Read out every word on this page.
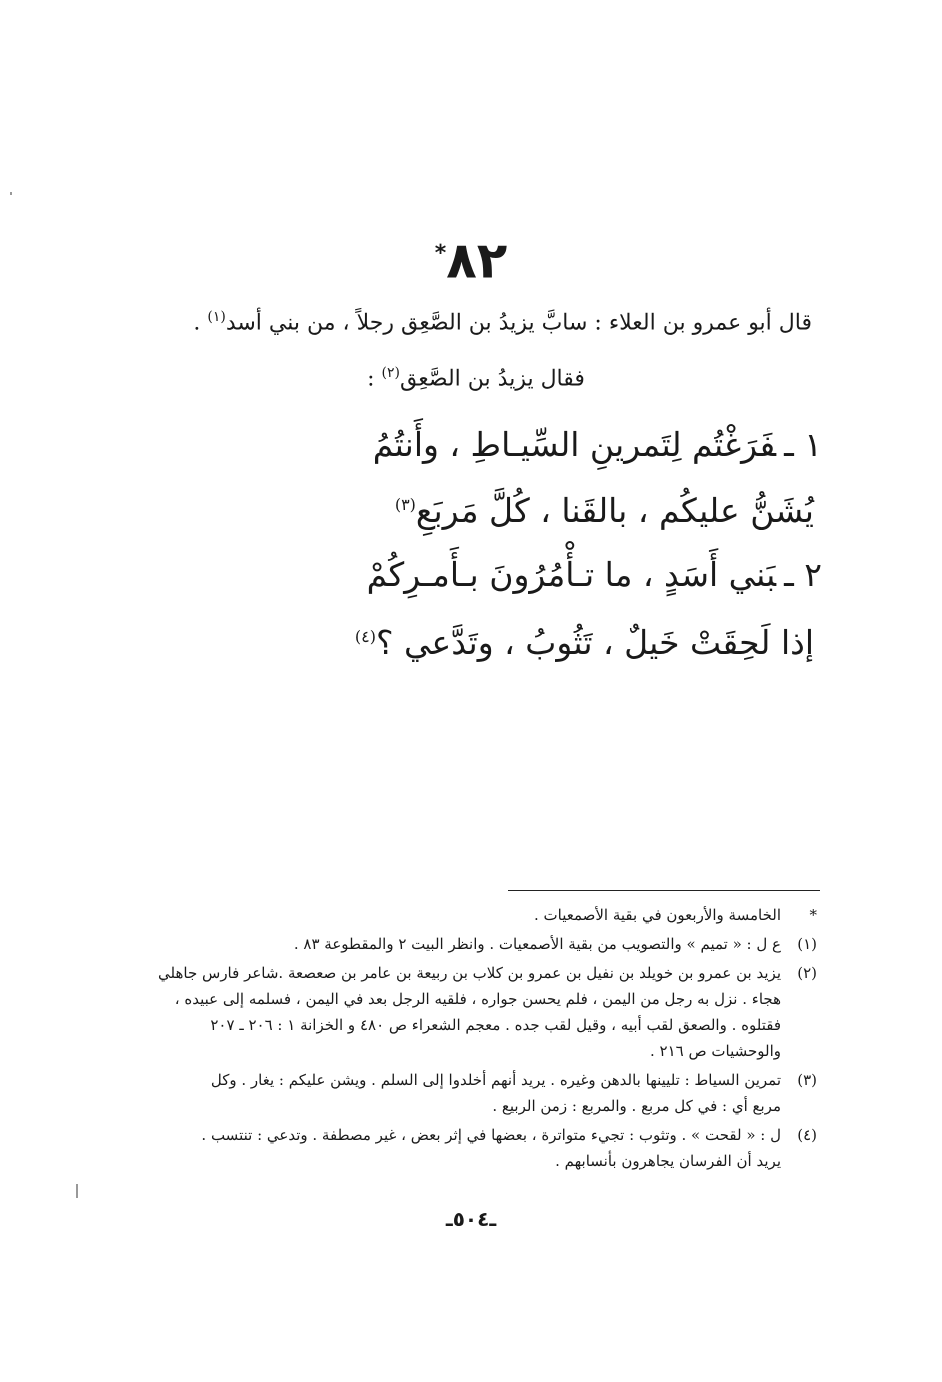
٨٢*
قال أبو عمرو بن العلاء : سابَّ يزيدُ بن الصَّعِق رجلاً ، من بني أسد$^{(١)}$ .
فقال يزيدُ بن الصَّعِق$^{(٢)}$ :
١ ـفَرَغْتُم لِتَمرينِ السِّيـاطِ ، وأَنتُمُ
يُشَنُّ عليكُم ، بالقَنا ، كُلَّ مَربَعِ$^{(٣)}$
٢ ـبَني أَسَدٍ ، ما تـأْمُرُونَ بـأَمـرِكُمْ
إذا لَحِقَتْ خَيلٌ ، تَثُوبُ ، وتَدَّعي ؟$^{(٤)}$
*
الخامسة والأربعون في بقية الأصمعيات .
(١)
ع ل : « تميم » والتصويب من بقية الأصمعيات . وانظر البيت ٢ والمقطوعة ٨٣ .
(٢)
يزيد بن عمرو بن خويلد بن نفيل بن عمرو بن كلاب بن ربيعة بن عامر بن صعصعة .شاعر فارس جاهلي
هجاء . نزل به رجل من اليمن ، فلم يحسن جواره ، فلقيه الرجل بعد في اليمن ، فسلمه إلى عبيده ،
فقتلوه . والصعق لقب أبيه ، وقيل لقب جده . معجم الشعراء ص ٤٨٠ و الخزانة ١ : ٢٠٦ ـ ٢٠٧
والوحشيات ص ٢١٦ .
(٣)
تمرين السياط : تليينها بالدهن وغيره . يريد أنهم أخلدوا إلى السلم . ويشن عليكم : يغار . وكل
مربع أي : في كل مربع . والمربع : زمن الربيع .
(٤)
ل : « لقحت » . وتثوب : تجيء متواترة ، بعضها في إثر بعض ، غير مصطفة . وتدعي : تنتسب .
يريد أن الفرسان يجاهرون بأنسابهم .
ـ٥٠٤ـ
